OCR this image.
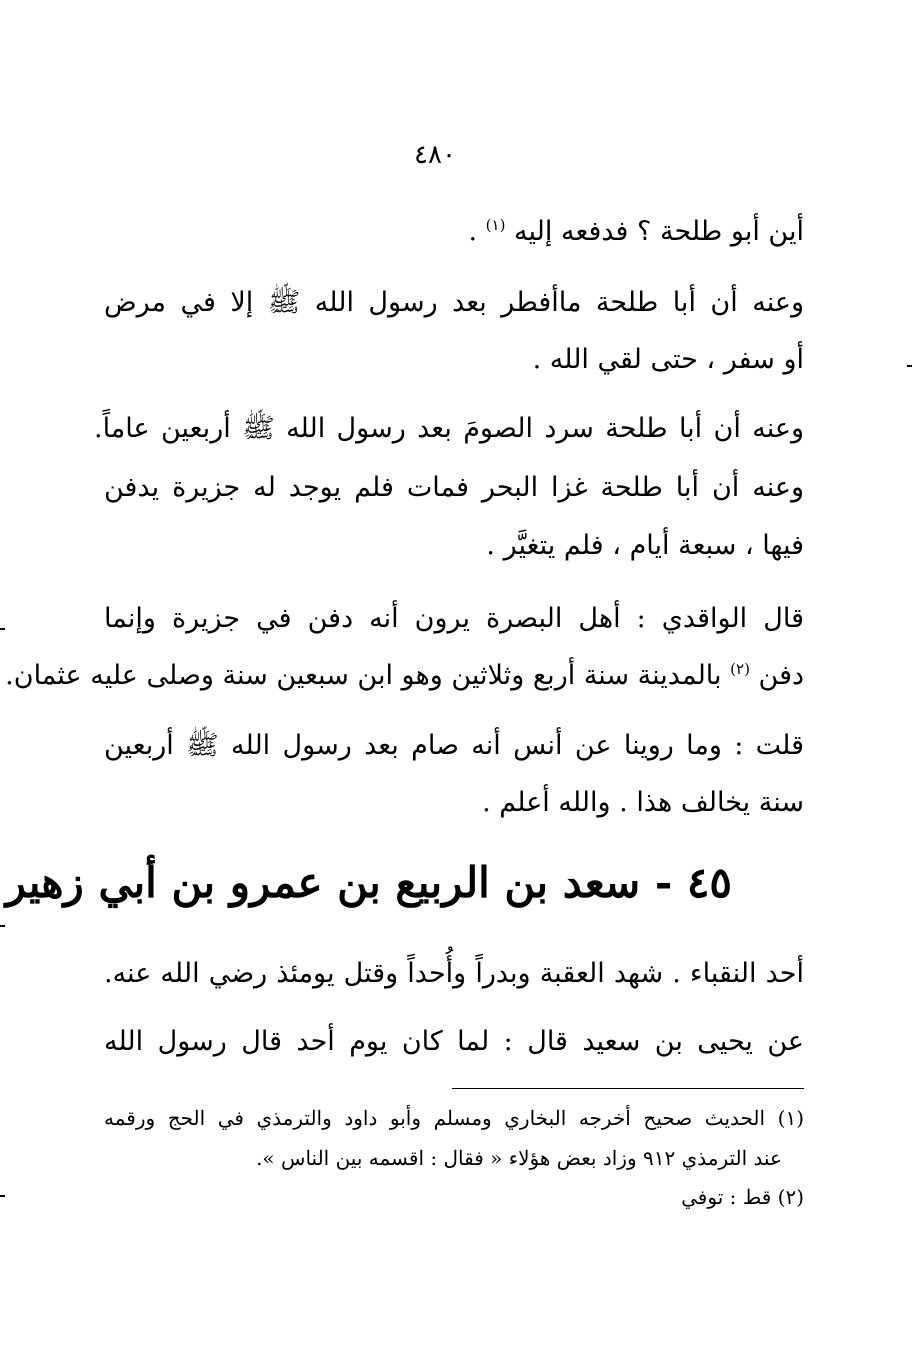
٤٨٠
أين أبو طلحة ؟ فدفعه إليه $^{(١)}$ .
وعنه أن أبا طلحة ماأفطر بعد رسول الله ﷺ إلا في مرض
أو سفر ، حتى لقي الله .
وعنه أن أبا طلحة سرد الصومَ بعد رسول الله ﷺ أربعين عاماً.
وعنه أن أبا طلحة غزا البحر فمات فلم يوجد له جزيرة يدفن
فيها ، سبعة أيام ، فلم يتغيَّر .
قال الواقدي : أهل البصرة يرون أنه دفن في جزيرة وإنما
دفن $^{(٢)}$ بالمدينة سنة أربع وثلاثين وهو ابن سبعين سنة وصلى عليه عثمان.
قلت : وما روينا عن أنس أنه صام بعد رسول الله ﷺ أربعين
سنة يخالف هذا . والله أعلم .
٤٥ - سعد بن الربيع بن عمرو بن أبي زهير
أحد النقباء . شهد العقبة وبدراً وأُحداً وقتل يومئذ رضي الله عنه.
عن يحيى بن سعيد قال : لما كان يوم أحد قال رسول الله
(١) الحديث صحيح أخرجه البخاري ومسلم وأبو داود والترمذي في الحج ورقمه
عند الترمذي ٩١٢ وزاد بعض هؤلاء « فقال : اقسمه بين الناس ».
(٢) قط : توفي
